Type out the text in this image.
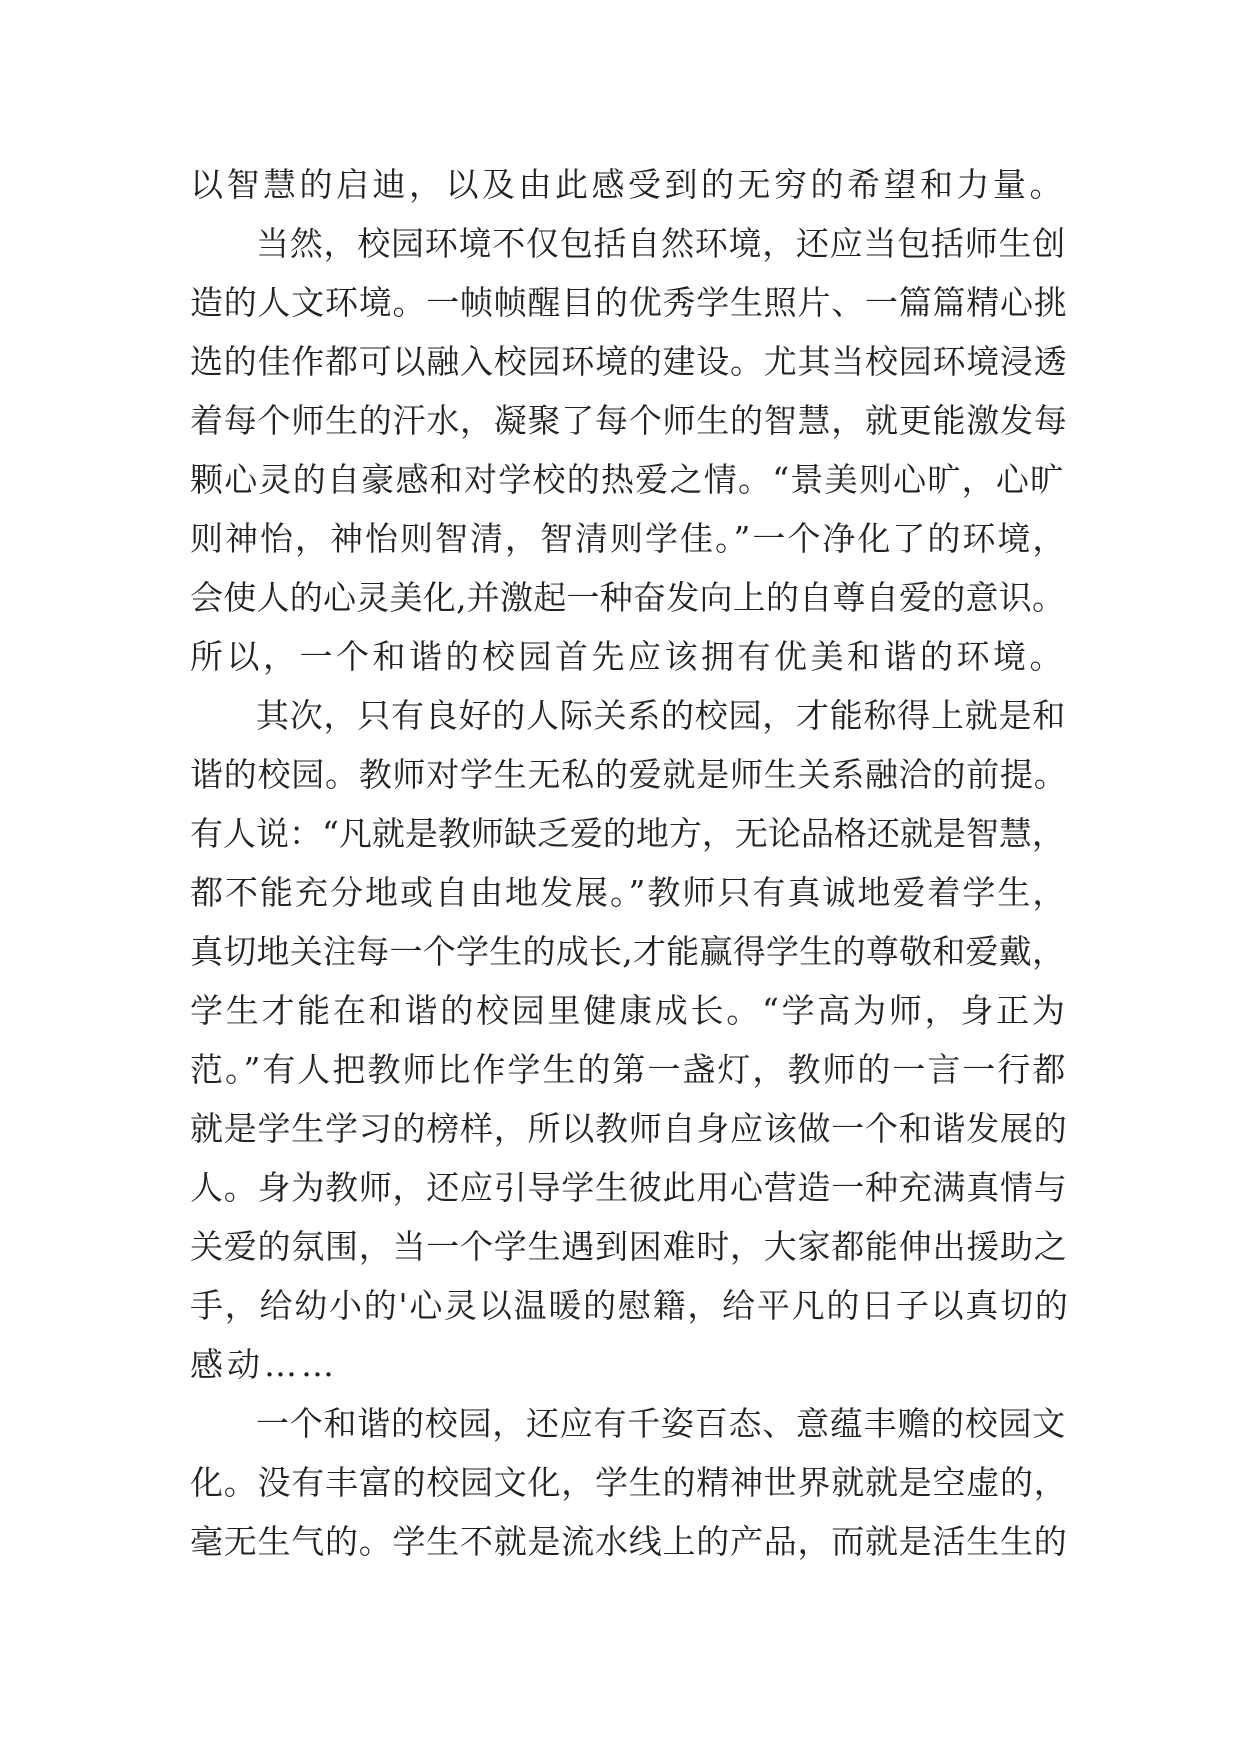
以智慧的启迪，以及由此感受到的无穷的希望和力量。
当然，校园环境不仅包括自然环境，还应当包括师生创
造的人文环境。一帧帧醒目的优秀学生照片、一篇篇精心挑
选的佳作都可以融入校园环境的建设。尤其当校园环境浸透
着每个师生的汗水，凝聚了每个师生的智慧，就更能激发每
颗心灵的自豪感和对学校的热爱之情。“景美则心旷，心旷
则神怡，神怡则智清，智清则学佳。”一个净化了的环境，
会使人的心灵美化,并激起一种奋发向上的自尊自爱的意识。
所以，一个和谐的校园首先应该拥有优美和谐的环境。
其次，只有良好的人际关系的校园，才能称得上就是和
谐的校园。教师对学生无私的爱就是师生关系融洽的前提。
有人说：“凡就是教师缺乏爱的地方，无论品格还就是智慧，
都不能充分地或自由地发展。”教师只有真诚地爱着学生，
真切地关注每一个学生的成长,才能赢得学生的尊敬和爱戴，
学生才能在和谐的校园里健康成长。“学高为师，身正为
范。”有人把教师比作学生的第一盏灯，教师的一言一行都
就是学生学习的榜样，所以教师自身应该做一个和谐发展的
人。身为教师，还应引导学生彼此用心营造一种充满真情与
关爱的氛围，当一个学生遇到困难时，大家都能伸出援助之
手，给幼小的'心灵以温暖的慰籍，给平凡的日子以真切的
感动……
一个和谐的校园，还应有千姿百态、意蕴丰赡的校园文
化。没有丰富的校园文化，学生的精神世界就就是空虚的，
毫无生气的。学生不就是流水线上的产品，而就是活生生的
